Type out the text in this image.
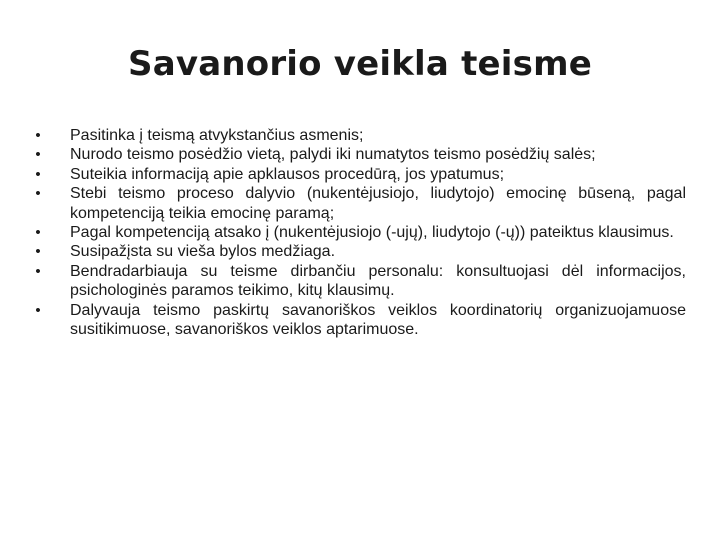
Savanorio veikla teisme
•	Pasitinka į teismą atvykstančius asmenis;
•	Nurodo teismo posėdžio vietą, palydi iki numatytos teismo posėdžių salės;
•	Suteikia informaciją apie apklausos procedūrą, jos ypatumus;
•	Stebi teismo proceso dalyvio (nukentėjusiojo, liudytojo) emocinę būseną, pagal kompetenciją teikia emocinę paramą;
•	Pagal kompetenciją atsako į (nukentėjusiojo (-ujų), liudytojo (-ų)) pateiktus klausimus.
•	Susipažįsta su vieša bylos medžiaga.
•	Bendradarbiauja su teisme dirbančiu personalu: konsultuojasi dėl informacijos, psichologinės paramos teikimo, kitų klausimų.
•	Dalyvauja teismo paskirtų savanoriškos veiklos koordinatorių organizuojamuose susitikimuose, savanoriškos veiklos aptarimuose.
